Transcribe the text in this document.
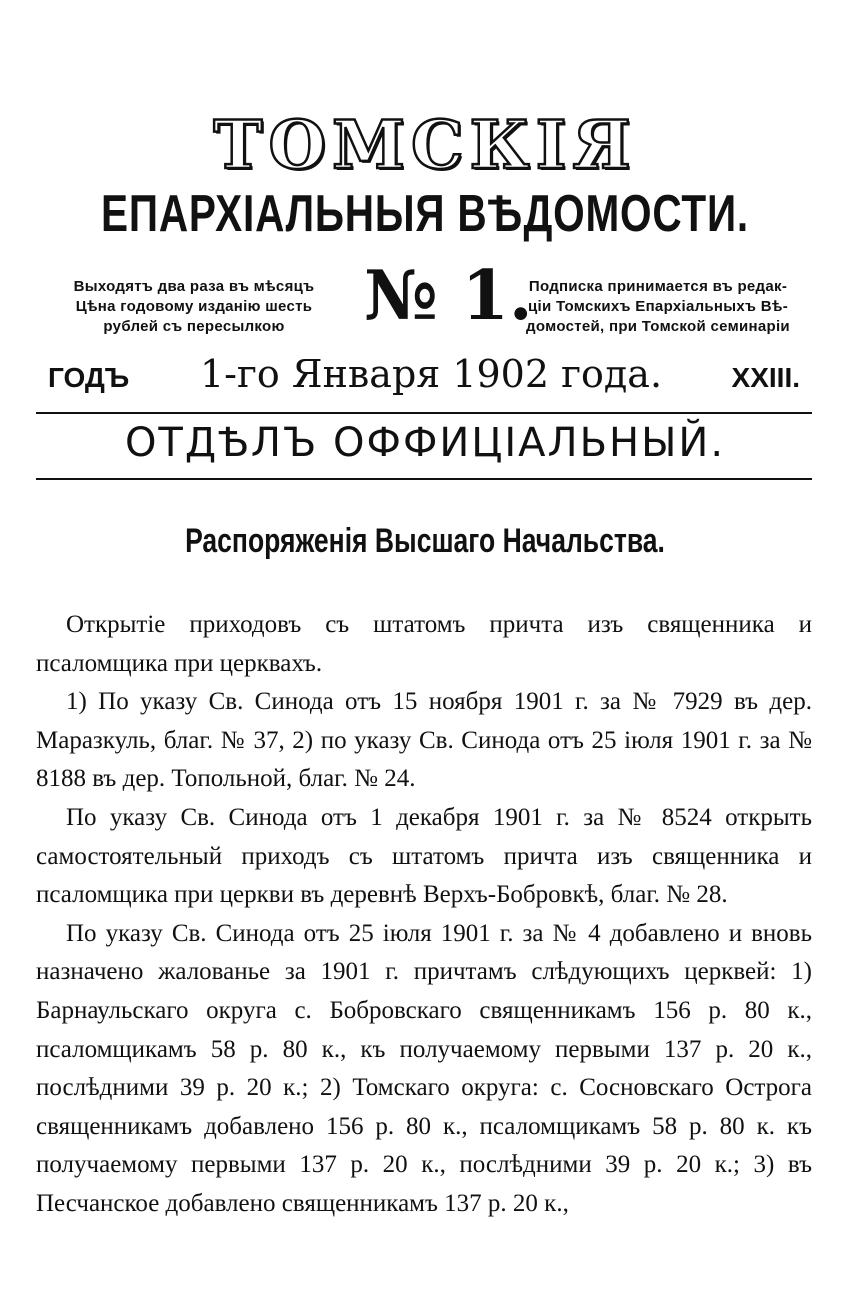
ТОМСКІЯ
ЕПАРХІАЛЬНЫЯ ВѢДОМОСТИ.
Выходятъ два раза въ мѣсяцъ
Цѣна годовому изданію шесть
рублей съ пересылкою	№ 1.
Подписка принимается въ редак-
ціи Томскихъ Епархіальныхъ Вѣ-
домостей, при Томской семинаріи
ГОДЪ 1-го Января 1902 года. XXIII.
ОТДѢЛЪ ОФФИЦІАЛЬНЫЙ.
Распоряженія Высшаго Начальства.

Открытіе приходовъ съ штатомъ причта изъ священника и псаломщика при церквахъ.

1) По указу Св. Синода отъ 15 ноября 1901 г. за № 7929 въ дер. Маразкуль, благ. № 37, 2) по указу Св. Синода отъ 25 іюля 1901 г. за № 8188 въ дер. Топольной, благ. № 24.

По указу Св. Синода отъ 1 декабря 1901 г. за № 8524 открыть самостоятельный приходъ съ штатомъ причта изъ священника и псаломщика при церкви въ деревнѣ Верхъ-Бобровкѣ, благ. № 28.

По указу Св. Синода отъ 25 іюля 1901 г. за № 4 добавлено и вновь назначено жалованье за 1901 г. причтамъ слѣдующихъ церквей: 1) Барнаульскаго округа с. Бобровскаго священникамъ 156 р. 80 к., псаломщикамъ 58 р. 80 к., къ получаемому первыми 137 р. 20 к., послѣдними 39 р. 20 к.; 2) Томскаго округа: с. Сосновскаго Острога священникамъ добавлено 156 р. 80 к., псаломщикамъ 58 р. 80 к. къ получаемому первыми 137 р. 20 к., послѣдними 39 р. 20 к.; 3) въ Песчанское добавлено священникамъ 137 р. 20 к.,
